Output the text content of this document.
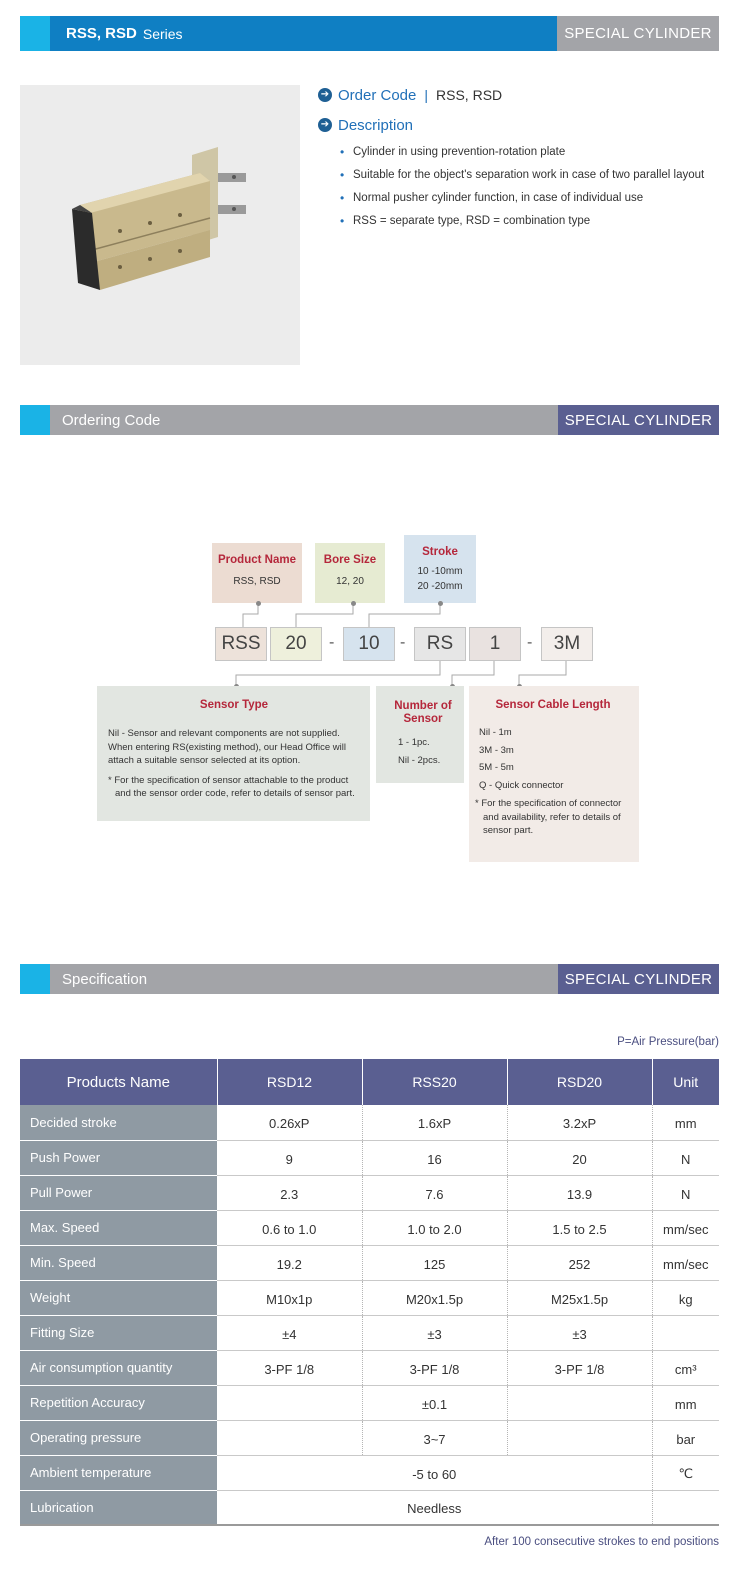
RSS, RSD Series	SPECIAL CYLINDER
➔ Order Code | RSS, RSD
➔ Description
• Cylinder in using prevention-rotation plate
• Suitable for the object's separation work in case of two parallel layout
• Normal pusher cylinder function, in case of individual use
• RSS = separate type, RSD = combination type
Ordering Code	SPECIAL CYLINDER
Product Name
RSS, RSD
Bore Size
12, 20
Stroke
10 -10mm
20 -20mm
RSS	20	-	10	-	RS	1	-	3M
Sensor Type

Nil - Sensor and relevant components are not supplied.

When entering RS(existing method), our Head Office will

attach a suitable sensor selected at its option.

* For the specification of sensor attachable to the product

and the sensor order code, refer to details of sensor part.

Number of
Sensor

1 - 1pc.

Nil - 2pcs.

Sensor Cable Length

Nil - 1m

3M - 3m

5M - 5m

Q - Quick connector

* For the specification of connector

and availability, refer to details of

sensor part.

Specification	SPECIAL CYLINDER
P=Air Pressure(bar)
Products Name	RSD12	RSS20	RSD20	Unit
Decided stroke	0.26xP	1.6xP	3.2xP	mm
Push Power	9	16	20	N
Pull Power	2.3	7.6	13.9	N
Max. Speed	0.6 to 1.0	1.0 to 2.0	1.5 to 2.5	mm/sec
Min. Speed	19.2	125	252	mm/sec
Weight	M10x1p	M20x1.5p	M25x1.5p	kg
Fitting Size	±4	±3	±3	
Air consumption quantity	3-PF 1/8	3-PF 1/8	3-PF 1/8	cm³
Repetition Accuracy		±0.1		mm
Operating pressure		3~7		bar
Ambient temperature	-5 to 60			℃
Lubrication	Needless			
After 100 consecutive strokes to end positions
